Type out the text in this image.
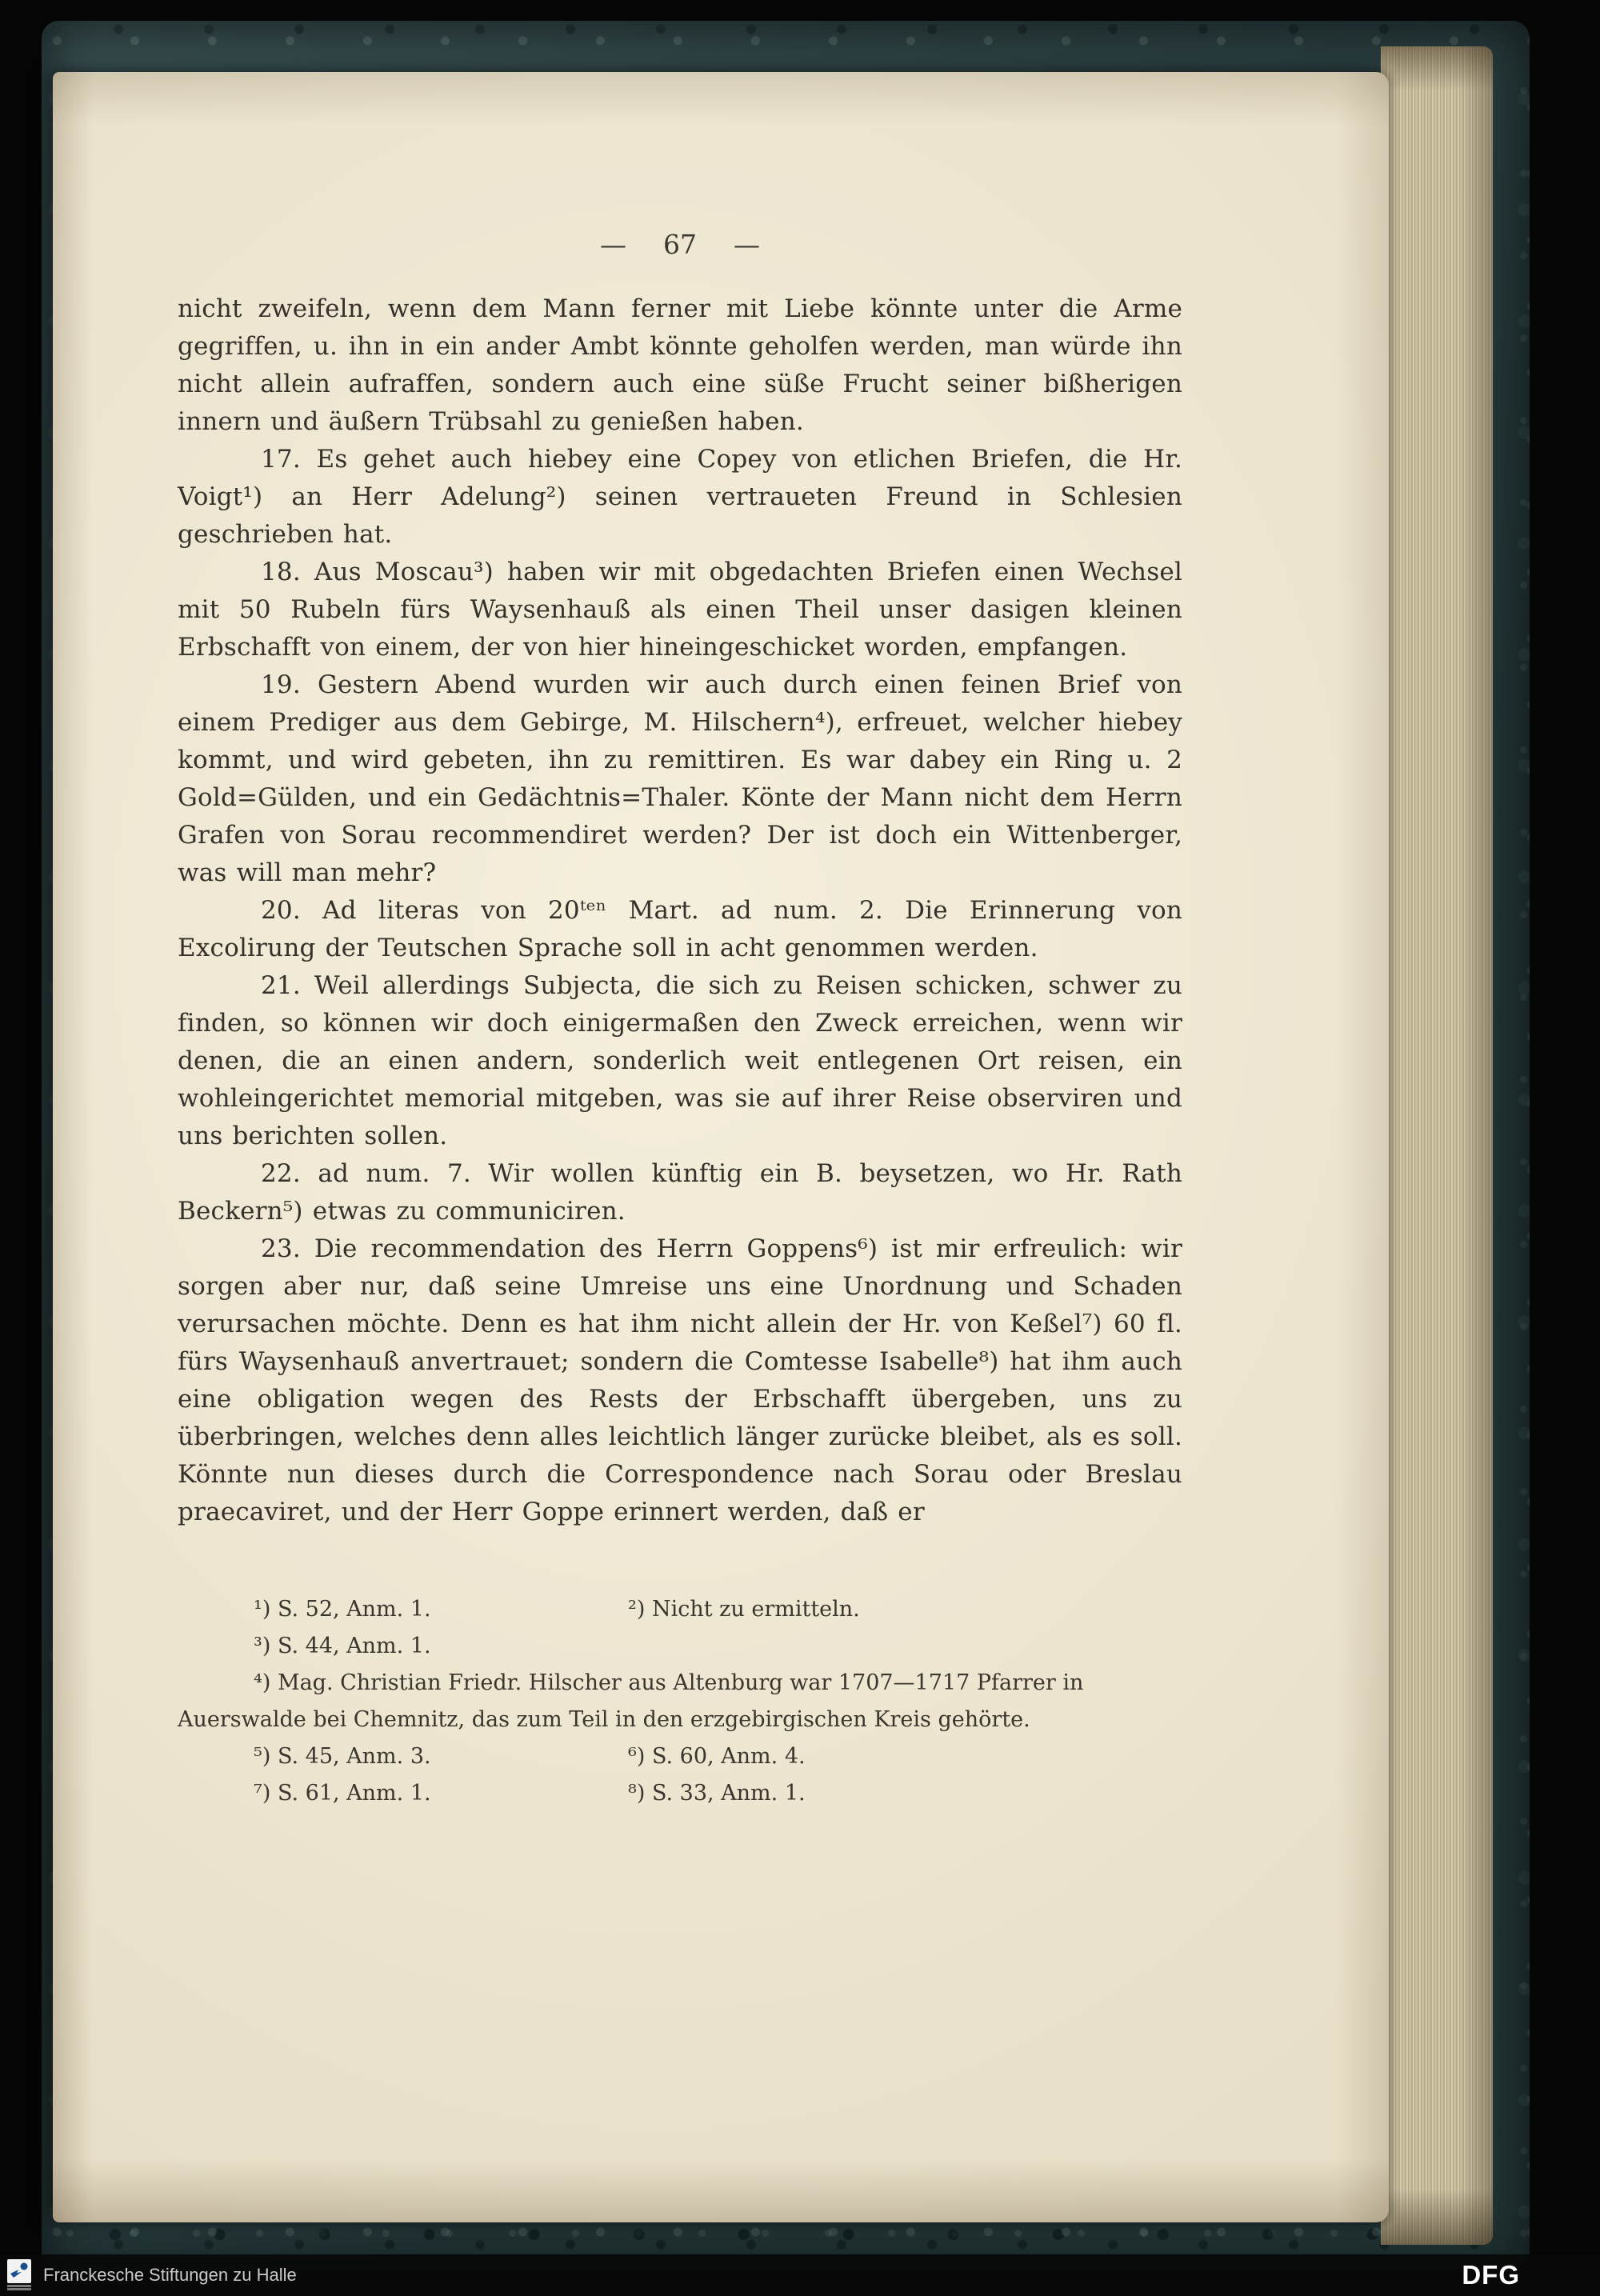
— 67 —

nicht zweifeln, wenn dem Mann ferner mit Liebe könnte unter die Arme gegriffen, u. ihn in ein ander Ambt könnte geholfen werden, man würde ihn nicht allein aufraffen, sondern auch eine süße Frucht seiner bißherigen innern und äußern Trübsahl zu genießen haben.

17. Es gehet auch hiebey eine Copey von etlichen Briefen, die Hr. Voigt¹) an Herr Adelung²) seinen vertraueten Freund in Schlesien geschrieben hat.

18. Aus Moscau³) haben wir mit obgedachten Briefen einen Wechsel mit 50 Rubeln fürs Waysenhauß als einen Theil unser dasigen kleinen Erbschafft von einem, der von hier hineingeschicket worden, empfangen.

19. Gestern Abend wurden wir auch durch einen feinen Brief von einem Prediger aus dem Gebirge, M. Hilschern⁴), erfreuet, welcher hiebey kommt, und wird gebeten, ihn zu remittiren. Es war dabey ein Ring u. 2 Gold=Gülden, und ein Gedächtnis=Thaler. Könte der Mann nicht dem Herrn Grafen von Sorau recommendiret werden? Der ist doch ein Wittenberger, was will man mehr?

20. Ad literas von 20ᵗᵉⁿ Mart. ad num. 2. Die Erinnerung von Excolirung der Teutschen Sprache soll in acht genommen werden.

21. Weil allerdings Subjecta, die sich zu Reisen schicken, schwer zu finden, so können wir doch einigermaßen den Zweck erreichen, wenn wir denen, die an einen andern, sonderlich weit entlegenen Ort reisen, ein wohleingerichtet memorial mitgeben, was sie auf ihrer Reise observiren und uns berichten sollen.

22. ad num. 7. Wir wollen künftig ein B. beysetzen, wo Hr. Rath Beckern⁵) etwas zu communiciren.

23. Die recommendation des Herrn Goppens⁶) ist mir erfreulich: wir sorgen aber nur, daß seine Umreise uns eine Unordnung und Schaden verursachen möchte. Denn es hat ihm nicht allein der Hr. von Keßel⁷) 60 fl. fürs Waysenhauß anvertrauet; sondern die Comtesse Isabelle⁸) hat ihm auch eine obligation wegen des Rests der Erbschafft übergeben, uns zu überbringen, welches denn alles leichtlich länger zurücke bleibet, als es soll. Könnte nun dieses durch die Correspondence nach Sorau oder Breslau praecaviret, und der Herr Goppe erinnert werden, daß er

¹) S. 52, Anm. 1.	²) Nicht zu ermitteln.
³) S. 44, Anm. 1.
⁴) Mag. Christian Friedr. Hilscher aus Altenburg war 1707—1717 Pfarrer in Auerswalde bei Chemnitz, das zum Teil in den erzgebirgischen Kreis gehörte.
⁵) S. 45, Anm. 3.	⁶) S. 60, Anm. 4.
⁷) S. 61, Anm. 1.	⁸) S. 33, Anm. 1.
Franckesche Stiftungen zu Halle	DFG
